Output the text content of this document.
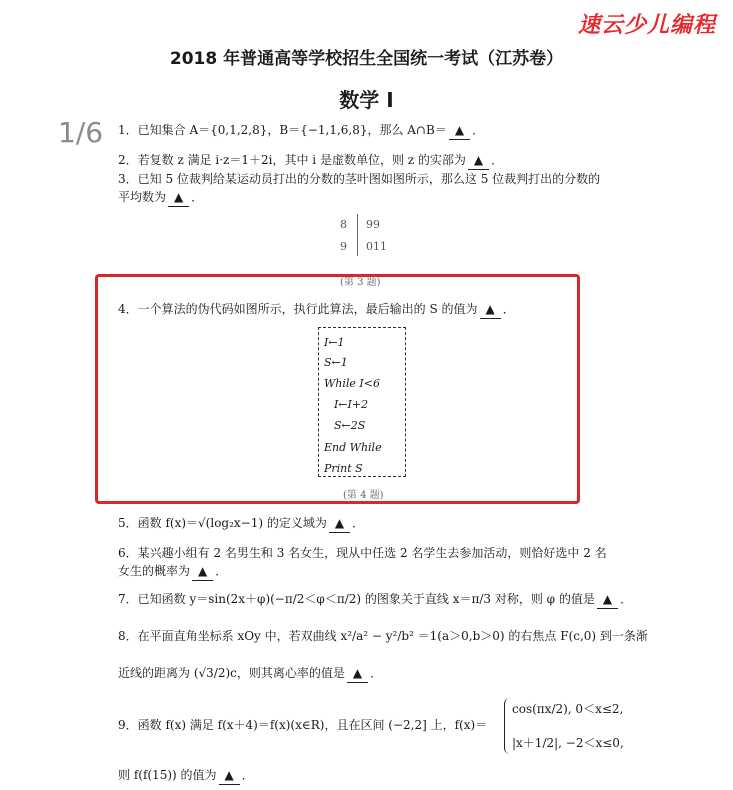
速云少儿编程
2018 年普通高等学校招生全国统一考试（江苏卷）
数学 I
1/6 1．已知集合 A＝{0,1,2,8}，B＝{−1,1,6,8}，那么 A∩B＝ ▲ ．
2．若复数 z 满足 i·z＝1＋2i，其中 i 是虚数单位，则 z 的实部为 ▲ ．
3．已知 5 位裁判给某运动员打出的分数的茎叶图如图所示，那么这 5 位裁判打出的分数的
平均数为 ▲ ．
8 99
9 011
(第 3 题)
4．一个算法的伪代码如图所示，执行此算法，最后输出的 S 的值为 ▲ ．
I←1
S←1
While I<6
I←I+2
S←2S
End While
Print S
(第 4 题)
5．函数 f(x)＝√(log₂x−1) 的定义域为 ▲ ．
6．某兴趣小组有 2 名男生和 3 名女生，现从中任选 2 名学生去参加活动，则恰好选中 2 名
女生的概率为 ▲ ．
7．已知函数 y＝sin(2x＋φ)(−π/2＜φ＜π/2) 的图象关于直线 x＝π/3 对称，则 φ 的值是 ▲ ．
8．在平面直角坐标系 xOy 中，若双曲线 x²/a² − y²/b² ＝1(a＞0,b＞0) 的右焦点 F(c,0) 到一条渐
近线的距离为 (√3/2)c，则其离心率的值是 ▲ ．
9．函数 f(x) 满足 f(x＋4)＝f(x)(x∈R)，且在区间 (−2,2] 上，f(x)＝
cos(πx/2), 0＜x≤2,
|x＋1/2|, −2＜x≤0,
则 f(f(15)) 的值为 ▲ ．
